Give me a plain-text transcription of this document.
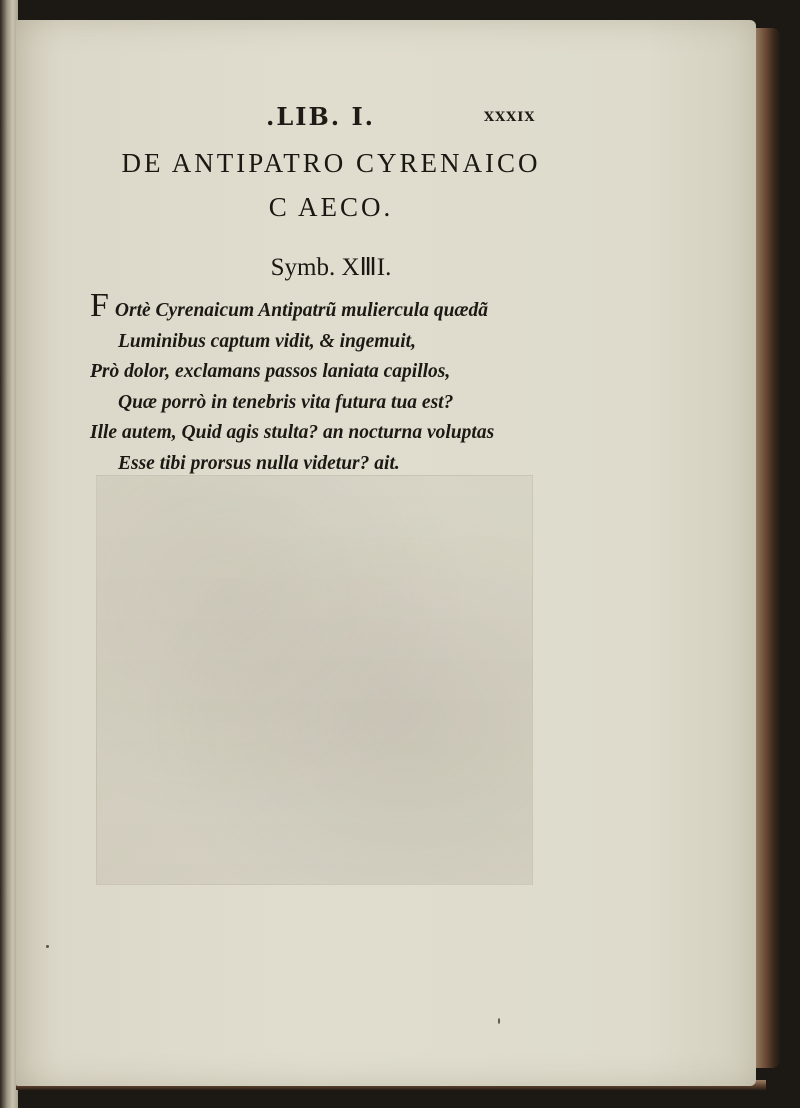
.LIB. I.	XXXIX
DE ANTIPATRO CYRENAICO
C AECO.
Symb. XⅢI.
F Ortè Cyrenaicum Antipatrũ muliercula quædã
Luminibus captum vidit, & ingemuit,
Prò dolor, exclamans passos laniata capillos,
Quæ porrò in tenebris vita futura tua est?
Ille autem, Quid agis stulta? an nocturna voluptas
Esse tibi prorsus nulla videtur? ait.
